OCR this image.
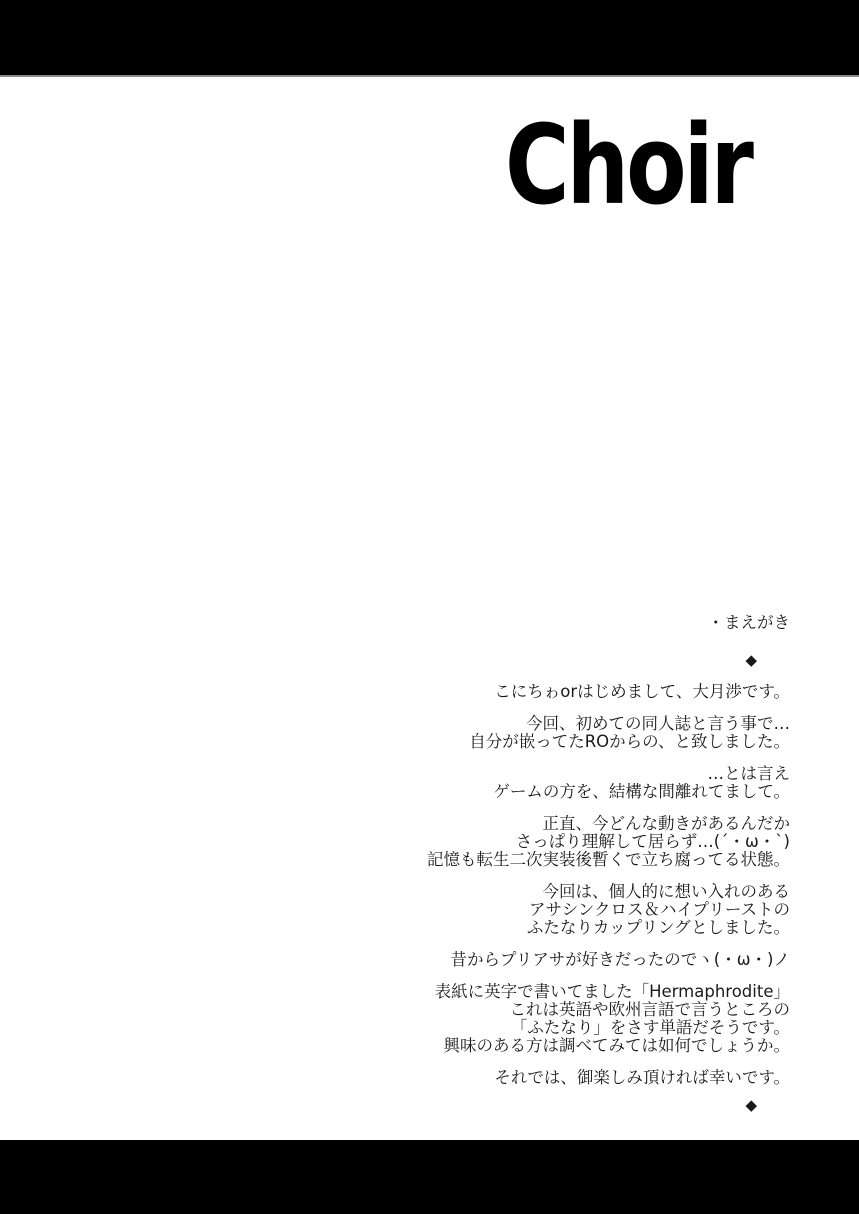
Choir
・まえがき
◆
こにちゎorはじめまして、大月渉です。
今回、初めての同人誌と言う事で…
自分が嵌ってたROからの、と致しました。
…とは言え
ゲームの方を、結構な間離れてまして。
正直、今どんな動きがあるんだか
さっぱり理解して居らず…(´・ω・`)
記憶も転生二次実装後暫くで立ち腐ってる状態。
今回は、個人的に想い入れのある
アサシンクロス＆ハイプリーストの
ふたなりカップリングとしました。
昔からプリアサが好きだったのでヽ(・ω・)ノ
表紙に英字で書いてました「Hermaphrodite」
これは英語や欧州言語で言うところの
「ふたなり」をさす単語だそうです。
興味のある方は調べてみては如何でしょうか。
それでは、御楽しみ頂ければ幸いです。
◆
